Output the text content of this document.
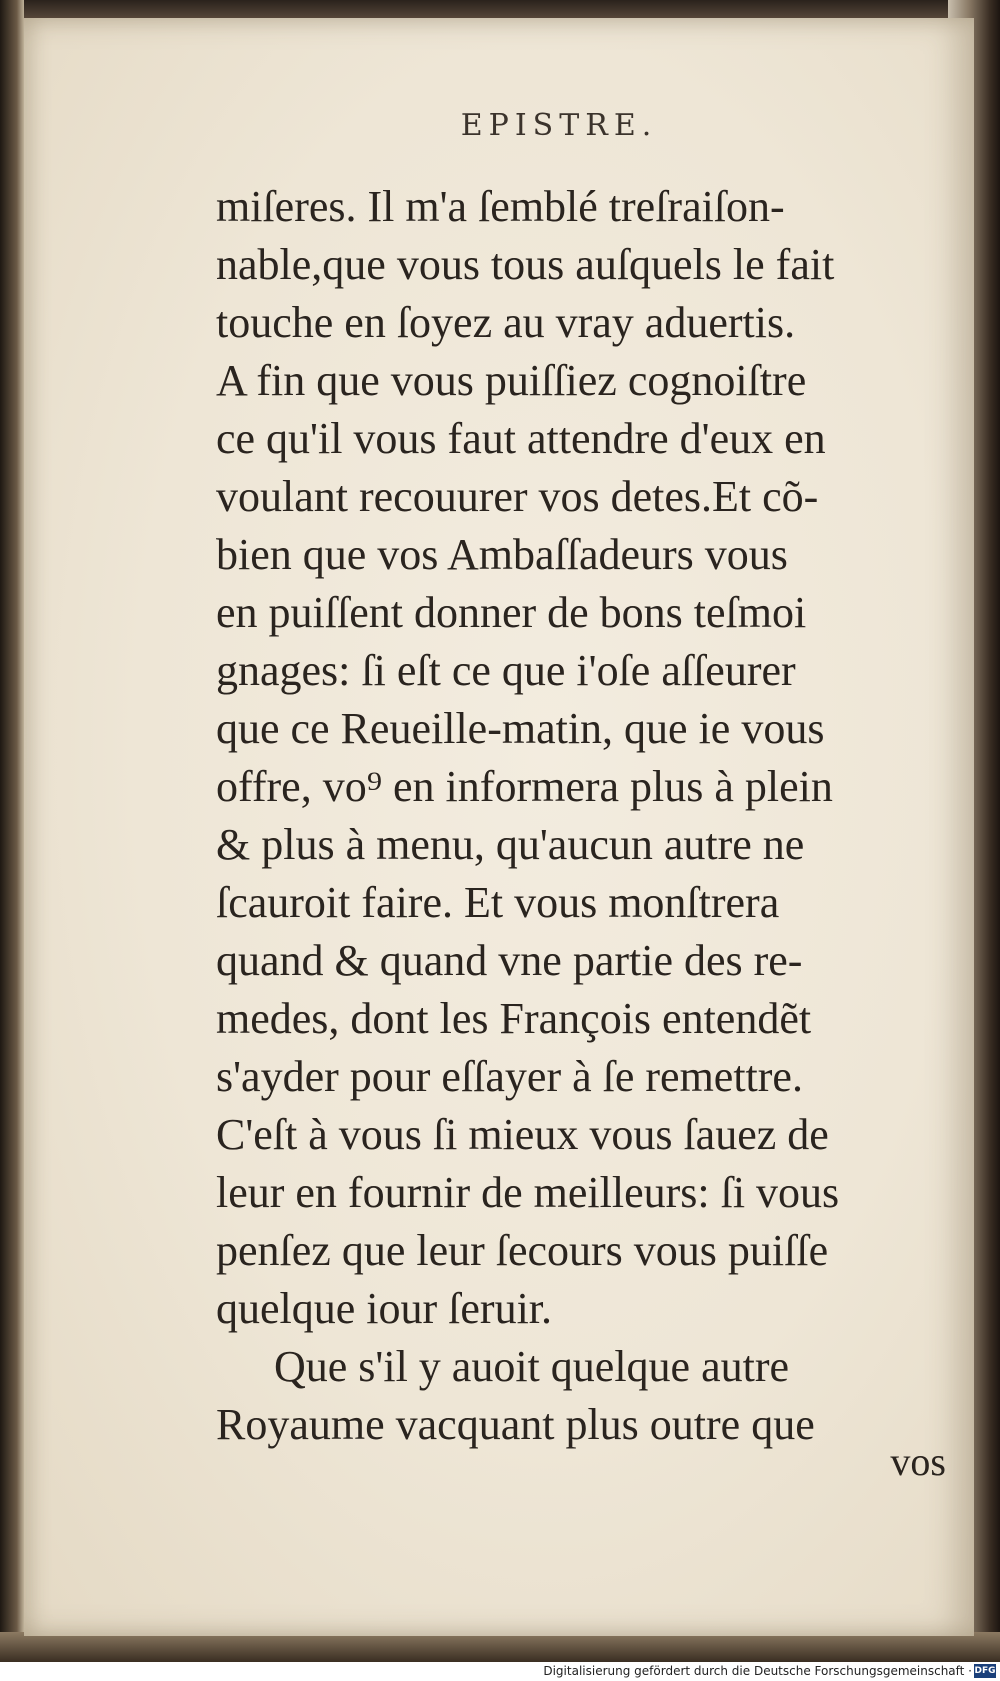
EPISTRE.
miſeres. Il m'a ſemblé treſraiſon-
nable,que vous tous auſquels le fait
touche en ſoyez au vray aduertis.
A fin que vous puiſſiez cognoiſtre
ce qu'il vous faut attendre d'eux en
voulant recouurer vos detes.Et cõ-
bien que vos Ambaſſadeurs vous
en puiſſent donner de bons teſmoi
gnages: ſi eſt ce que i'oſe aſſeurer
que ce Reueille-matin, que ie vous
offre, vo⁹ en informera plus à plein
& plus à menu, qu'aucun autre ne
ſcauroit faire. Et vous monſtrera
quand & quand vne partie des re-
medes, dont les François entendẽt
s'ayder pour eſſayer à ſe remettre.
C'eſt à vous ſi mieux vous ſauez de
leur en fournir de meilleurs: ſi vous
penſez que leur ſecours vous puiſſe
quelque iour ſeruir.
Que s'il y auoit quelque autre
Royaume vacquant plus outre que
vos
Digitalisierung gefördert durch die Deutsche Forschungsgemeinschaft · DFG
